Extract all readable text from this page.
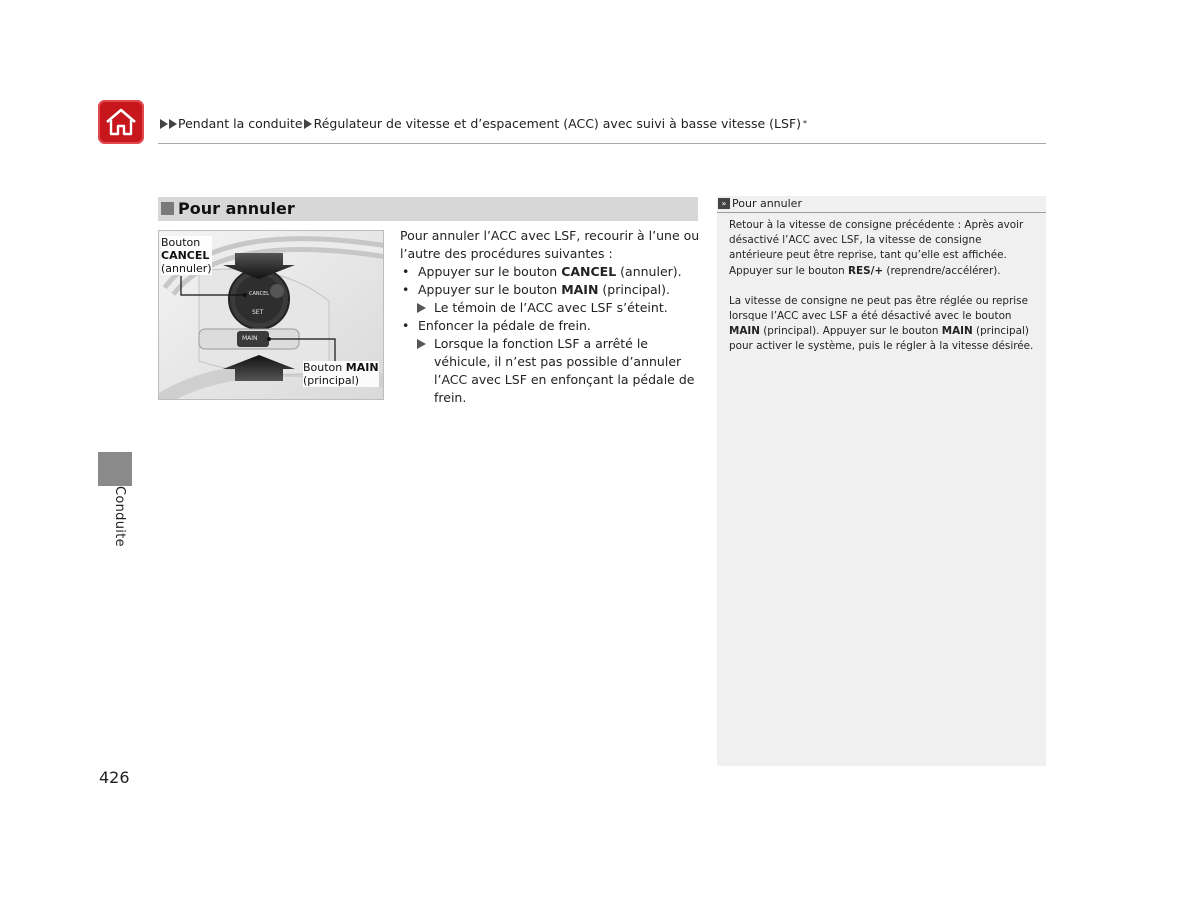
Pendant la conduite Régulateur de vitesse et d’espacement (ACC) avec suivi à basse vitesse (LSF) *
Conduite
Pour annuler
CANCEL
SET
MAIN
Bouton
CANCEL
(annuler)
Bouton MAIN
(principal)

Pour annuler l’ACC avec LSF, recourir à l’une ou l’autre des procédures suivantes :

• Appuyer sur le bouton CANCEL (annuler).

• Appuyer sur le bouton MAIN (principal).

Le témoin de l’ACC avec LSF s’éteint.

• Enfoncer la pédale de frein.

Lorsque la fonction LSF a arrêté le véhicule, il n’est pas possible d’annuler l’ACC avec LSF en enfonçant la pédale de frein.

» Pour annuler

Retour à la vitesse de consigne précédente : Après avoir désactivé l’ACC avec LSF, la vitesse de consigne antérieure peut être reprise, tant qu’elle est affichée. Appuyer sur le bouton RES/+ (reprendre/accélérer).

La vitesse de consigne ne peut pas être réglée ou reprise lorsque l’ACC avec LSF a été désactivé avec le bouton MAIN (principal). Appuyer sur le bouton MAIN (principal) pour activer le système, puis le régler à la vitesse désirée.

426
